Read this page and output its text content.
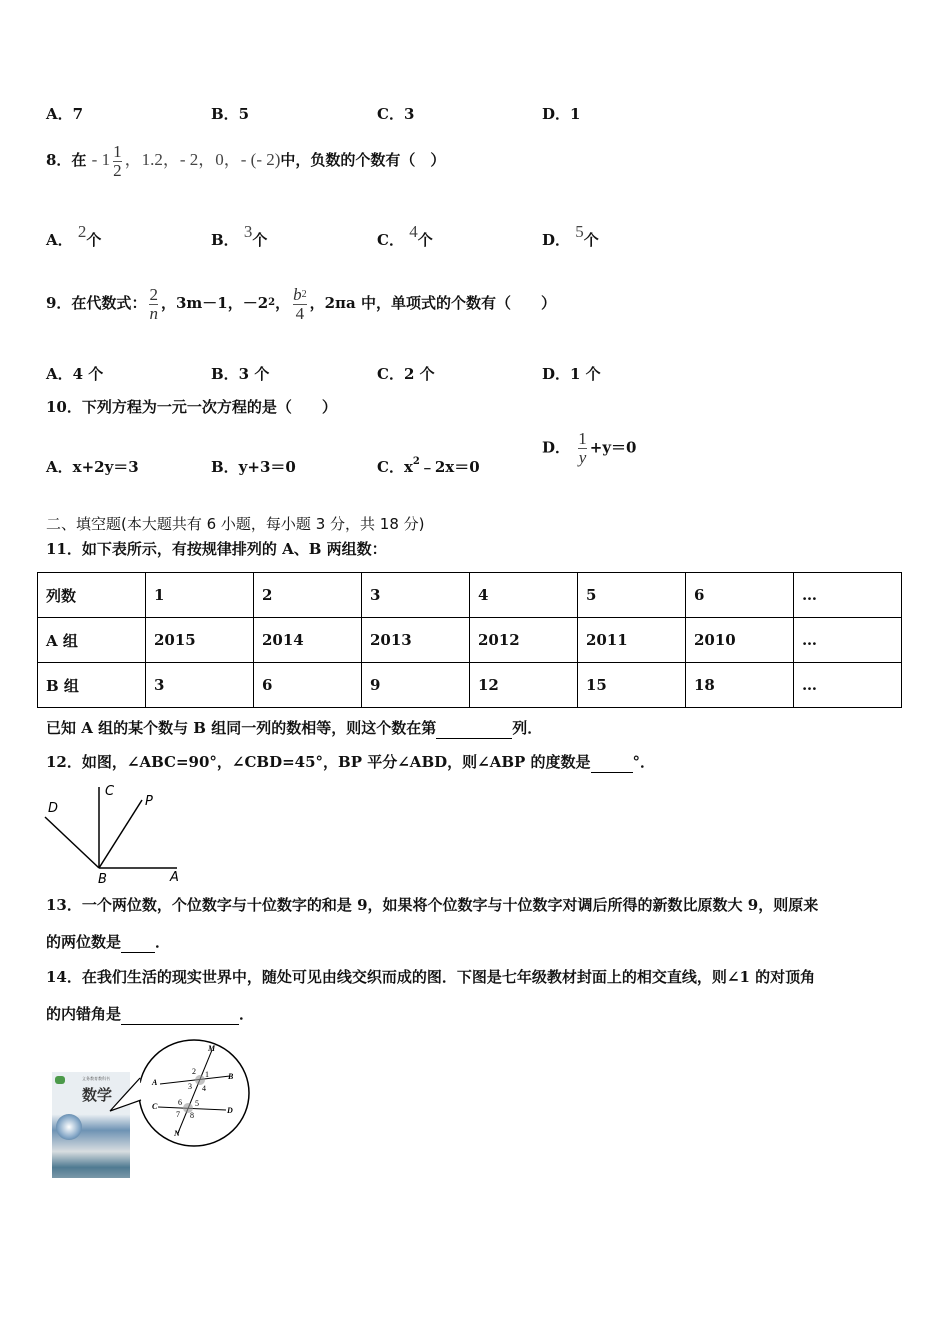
A．7	B．5	C．3	D．1
8．在 - $1 \frac{1}{2}$ ，1.2，- 2，0，- (- 2)中，负数的个数有（　）
A． 2个	B． 3个	C． 4个	D． 5个
9．在代数式： $\frac{2}{n}$ ，3m－1，$-2^2$， $\frac{b^2}{4}$ ，2πa 中，单项式的个数有（　　）
A．4 个	B．3 个	C．2 个	D．1 个
10．下列方程为一元一次方程的是（　　）
A．x+2y＝3	B．y+3＝0	C．$x^2﹣2x=0$
D． $\frac{1}{y} +y=0$
二、填空题(本大题共有 6 小题，每小题 3 分，共 18 分)
11．如下表所示，有按规律排列的 A、B 两组数：
列数	1	2	3	4	5	6	…
A 组	2015	2014	2013	2012	2011	2010	…
B 组	3	6	9	12	15	18	…
已知 A 组的某个数与 B 组同一列的数相等，则这个数在第	列．
12．如图，∠ABC=90°，∠CBD=45°，BP 平分∠ABD，则∠ABP 的度数是	°．
C
P
D
B	A
13．一个两位数，个位数字与十位数字的和是 9，如果将个位数字与十位数字对调后所得的新数比原数大 9，则原来
的两位数是 ．
14．在我们生活的现实世界中，随处可见由线交织而成的图．下图是七年级教材封面上的相交直线，则∠1 的对顶角
的内错角是	．
义务教育教科书
数学
M
N
A
B
C	D
1
2
3 4
5
6
7 8
